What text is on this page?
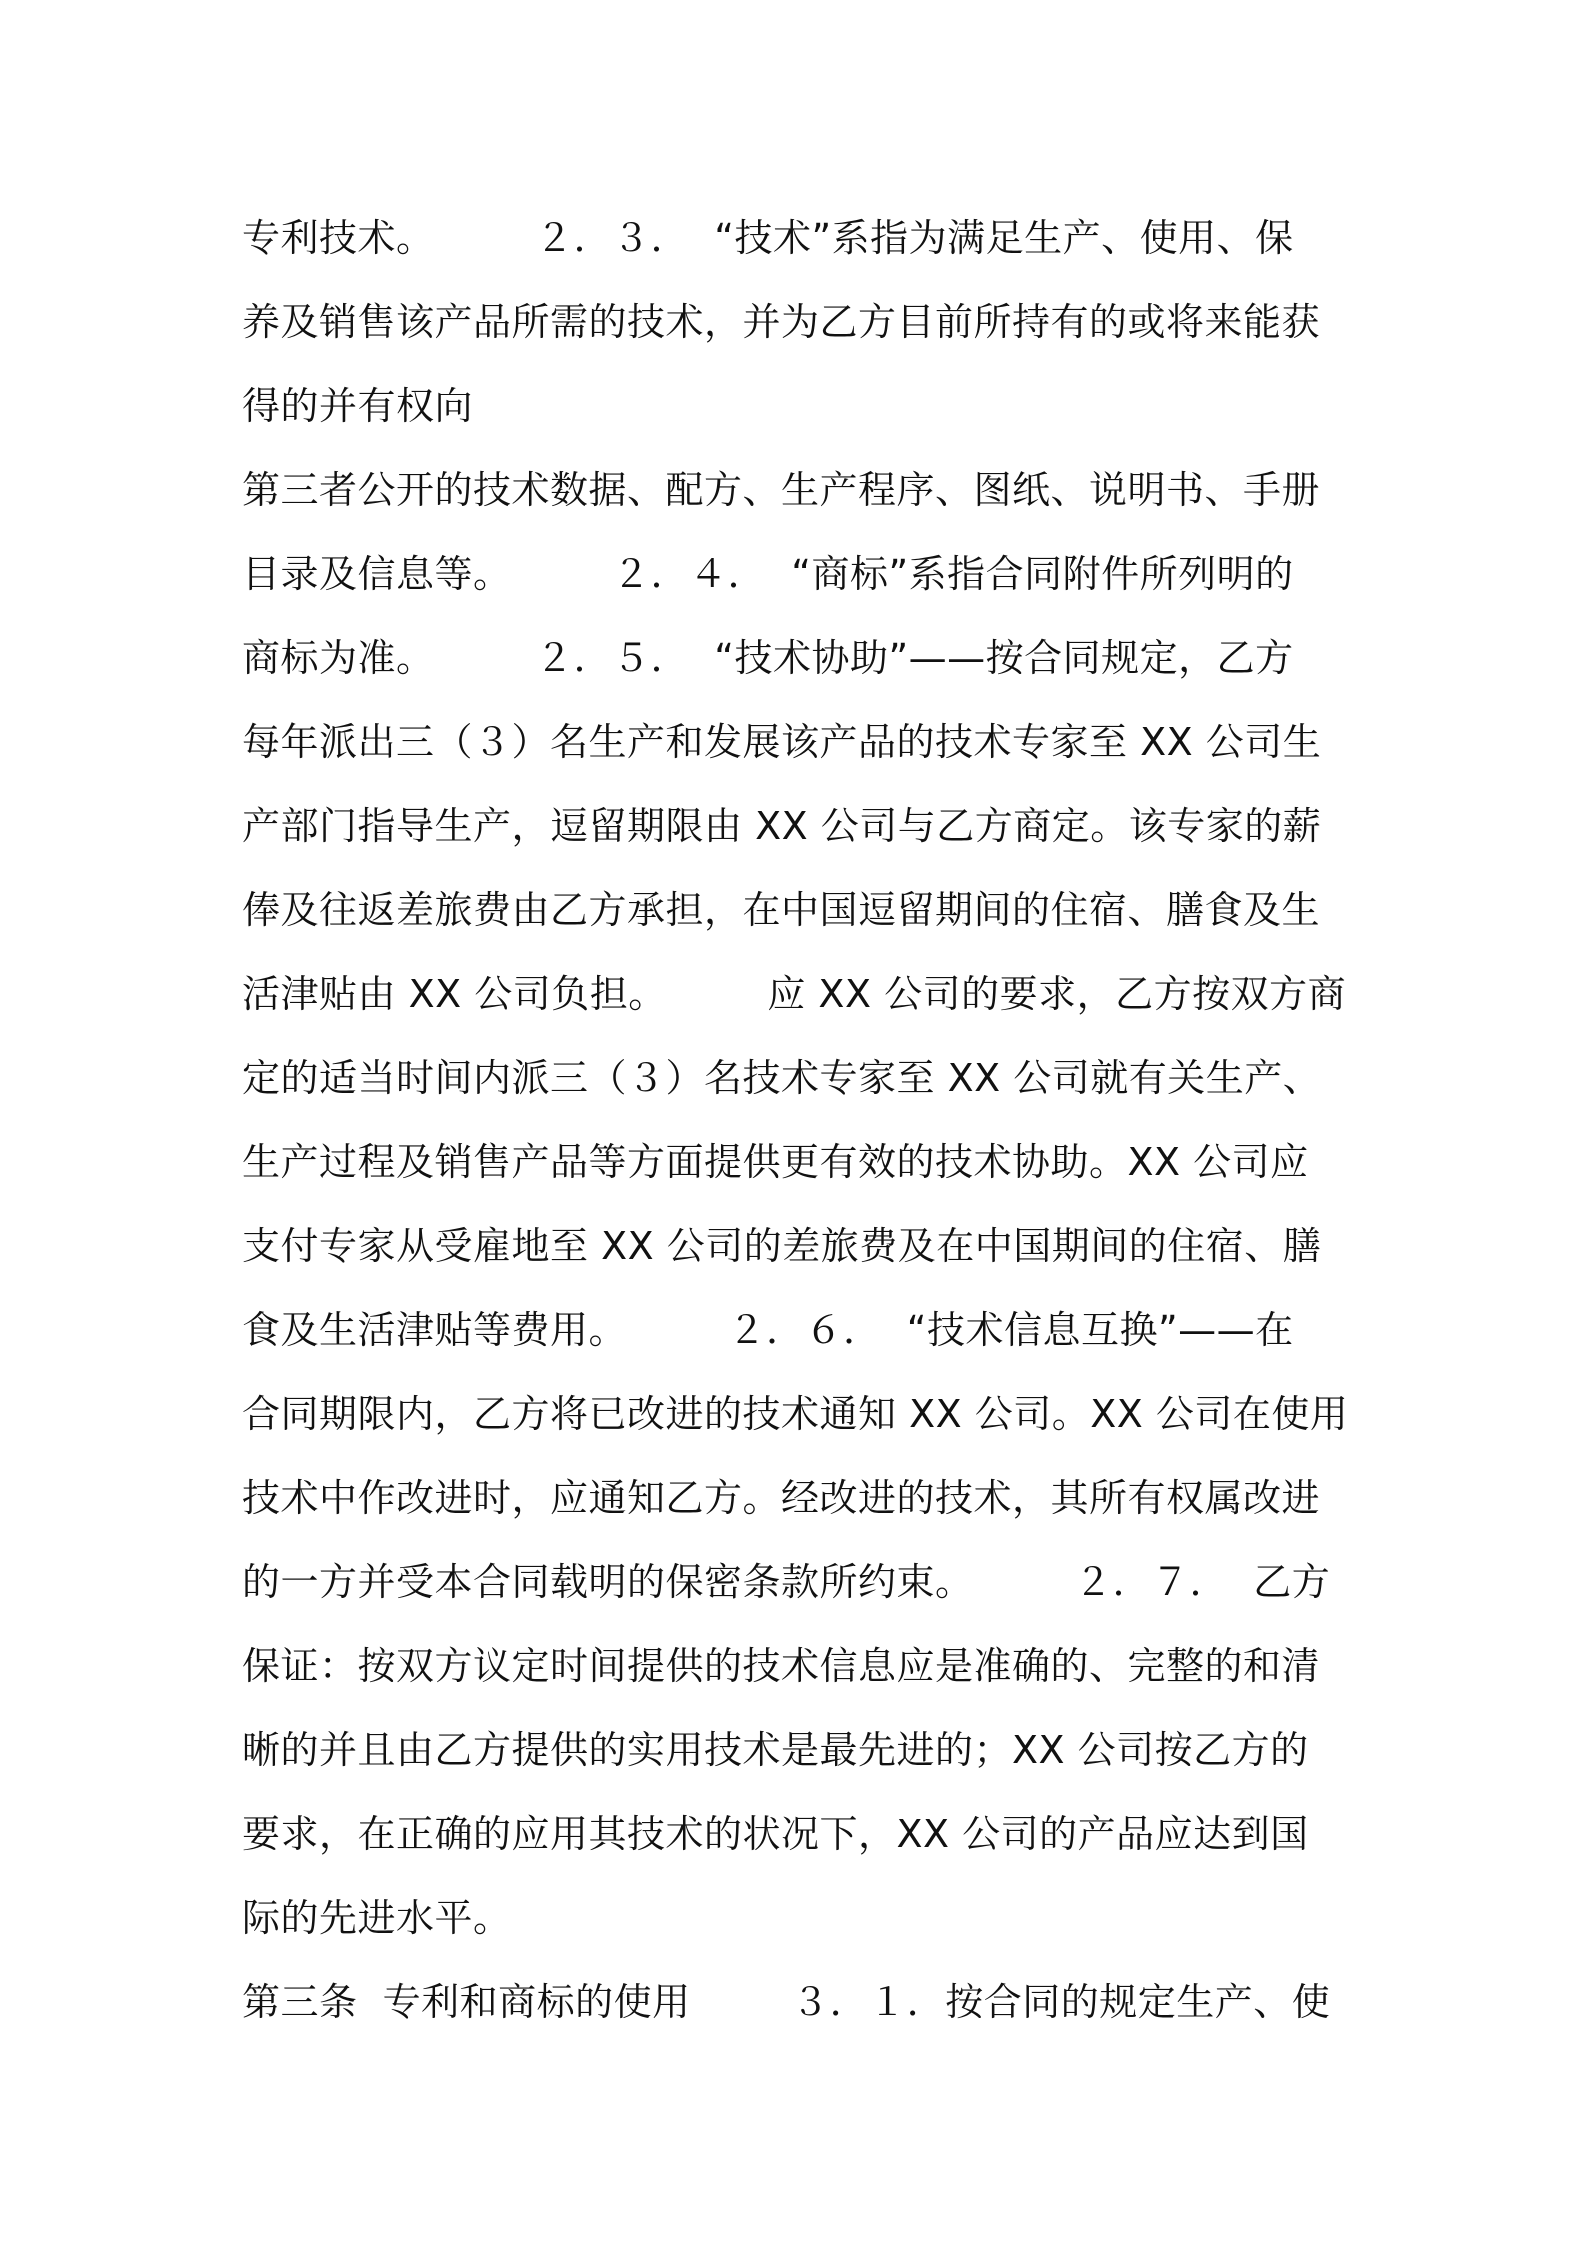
专利技术。        ２．３．  “技术”系指为满足生产、使用、保
养及销售该产品所需的技术，并为乙方目前所持有的或将来能获
得的并有权向
第三者公开的技术数据、配方、生产程序、图纸、说明书、手册
目录及信息等。        ２．４．  “商标”系指合同附件所列明的
商标为准。        ２．５．  “技术协助”——按合同规定，乙方
每年派出三（３）名生产和发展该产品的技术专家至 XX 公司生
产部门指导生产，逗留期限由 XX 公司与乙方商定。该专家的薪
俸及往返差旅费由乙方承担，在中国逗留期间的住宿、膳食及生
活津贴由 XX 公司负担。        应 XX 公司的要求，乙方按双方商
定的适当时间内派三（３）名技术专家至 XX 公司就有关生产、
生产过程及销售产品等方面提供更有效的技术协助。XX 公司应
支付专家从受雇地至 XX 公司的差旅费及在中国期间的住宿、膳
食及生活津贴等费用。        ２．６．  “技术信息互换”——在
合同期限内，乙方将已改进的技术通知 XX 公司。XX 公司在使用
技术中作改进时，应通知乙方。经改进的技术，其所有权属改进
的一方并受本合同载明的保密条款所约束。        ２．７．  乙方
保证：按双方议定时间提供的技术信息应是准确的、完整的和清
晰的并且由乙方提供的实用技术是最先进的；XX 公司按乙方的
要求，在正确的应用其技术的状况下，XX 公司的产品应达到国
际的先进水平。
第三条  专利和商标的使用        ３．１．按合同的规定生产、使
